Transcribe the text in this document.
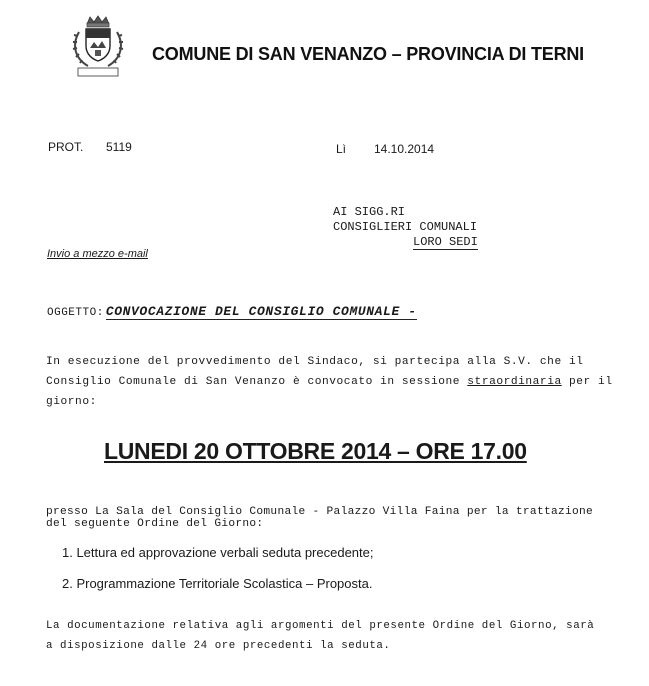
COMUNE DI SAN VENANZO – PROVINCIA DI TERNI
PROT. 5119	Lì 14.10.2014
AI SIGG.RI
CONSIGLIERI COMUNALI
LORO SEDI
Invio a mezzo e-mail
OGGETTO: CONVOCAZIONE DEL CONSIGLIO COMUNALE -
In esecuzione del provvedimento del Sindaco, si partecipa alla S.V. che il
Consiglio Comunale di San Venanzo è convocato in sessione straordinaria per il
giorno:
LUNEDI 20 OTTOBRE 2014 – ORE 17.00
presso La Sala del Consiglio Comunale - Palazzo Villa Faina per la trattazione
del seguente Ordine del Giorno:
1. Lettura ed approvazione verbali seduta precedente;
2. Programmazione Territoriale Scolastica – Proposta.
La documentazione relativa agli argomenti del presente Ordine del Giorno, sarà
a disposizione dalle 24 ore precedenti la seduta.
